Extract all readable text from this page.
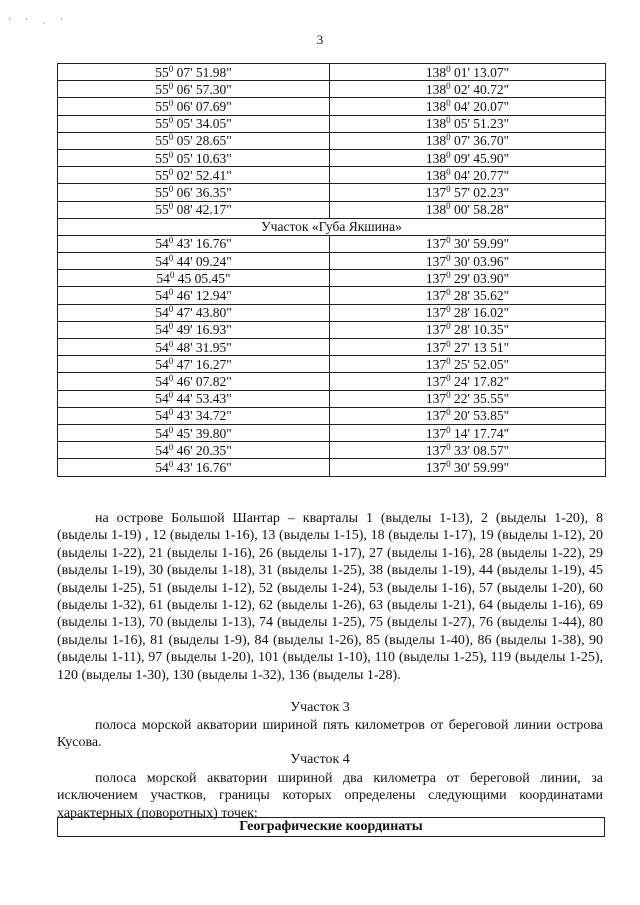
· · ˌ ·
3
$55^0$ 07' 51.98"	$138^0$ 01' 13.07"
$55^0$ 06' 57.30"	$138^0$ 02' 40.72"
$55^0$ 06' 07.69"	$138^0$ 04' 20.07"
$55^0$ 05' 34.05"	$138^0$ 05' 51.23"
$55^0$ 05' 28.65"	$138^0$ 07' 36.70"
$55^0$ 05' 10.63"	$138^0$ 09' 45.90"
$55^0$ 02' 52.41"	$138^0$ 04' 20.77"
$55^0$ 06' 36.35"	$137^0$ 57' 02.23"
$55^0$ 08' 42.17"	$138^0$ 00' 58.28"
Участок «Губа Якшина»	
$54^0$ 43' 16.76"	$137^0$ 30' 59.99"
$54^0$ 44' 09.24"	$137^0$ 30' 03.96"
$54^0$ 45 05.45"	$137^0$ 29' 03.90"
$54^0$ 46' 12.94"	$137^0$ 28' 35.62"
$54^0$ 47' 43.80"	$137^0$ 28' 16.02"
$54^0$ 49' 16.93"	$137^0$ 28' 10.35"
$54^0$ 48' 31.95"	$137^0$ 27' 13 51"
$54^0$ 47' 16.27"	$137^0$ 25' 52.05"
$54^0$ 46' 07.82"	$137^0$ 24' 17.82"
$54^0$ 44' 53.43"	$137^0$ 22' 35.55"
$54^0$ 43' 34.72"	$137^0$ 20' 53.85"
$54^0$ 45' 39.80"	$137^0$ 14' 17.74"
$54^0$ 46' 20.35"	$137^0$ 33' 08.57"
$54^0$ 43' 16.76"	$137^0$ 30' 59.99"
на острове Большой Шантар – кварталы 1 (выделы 1-13), 2 (выделы 1-20), 8 (выделы 1-19) , 12 (выделы 1-16), 13 (выделы 1-15), 18 (выделы 1-17), 19 (выделы 1-12), 20 (выделы 1-22), 21 (выделы 1-16), 26 (выделы 1-17), 27 (выделы 1-16), 28 (выделы 1-22), 29 (выделы 1-19), 30 (выделы 1-18), 31 (выделы 1-25), 38 (выделы 1-19), 44 (выделы 1-19), 45 (выделы 1-25), 51 (выделы 1-12), 52 (выделы 1-24), 53 (выделы 1-16), 57 (выделы 1-20), 60 (выделы 1-32), 61 (выделы 1-12), 62 (выделы 1-26), 63 (выделы 1-21), 64 (выделы 1-16), 69 (выделы 1-13), 70 (выделы 1-13), 74 (выделы 1-25), 75 (выделы 1-27), 76 (выделы 1-44), 80 (выделы 1-16), 81 (выделы 1-9), 84 (выделы 1-26), 85 (выделы 1-40), 86 (выделы 1-38), 90 (выделы 1-11), 97 (выделы 1-20), 101 (выделы 1-10), 110 (выделы 1-25), 119 (выделы 1-25), 120 (выделы 1-30), 130 (выделы 1-32), 136 (выделы 1-28).
Участок 3
полоса морской акватории шириной пять километров от береговой линии острова Кусова.
Участок 4
полоса морской акватории шириной два километра от береговой линии, за исключением участков, границы которых определены следующими координатами характерных (поворотных) точек:
Географические координаты
